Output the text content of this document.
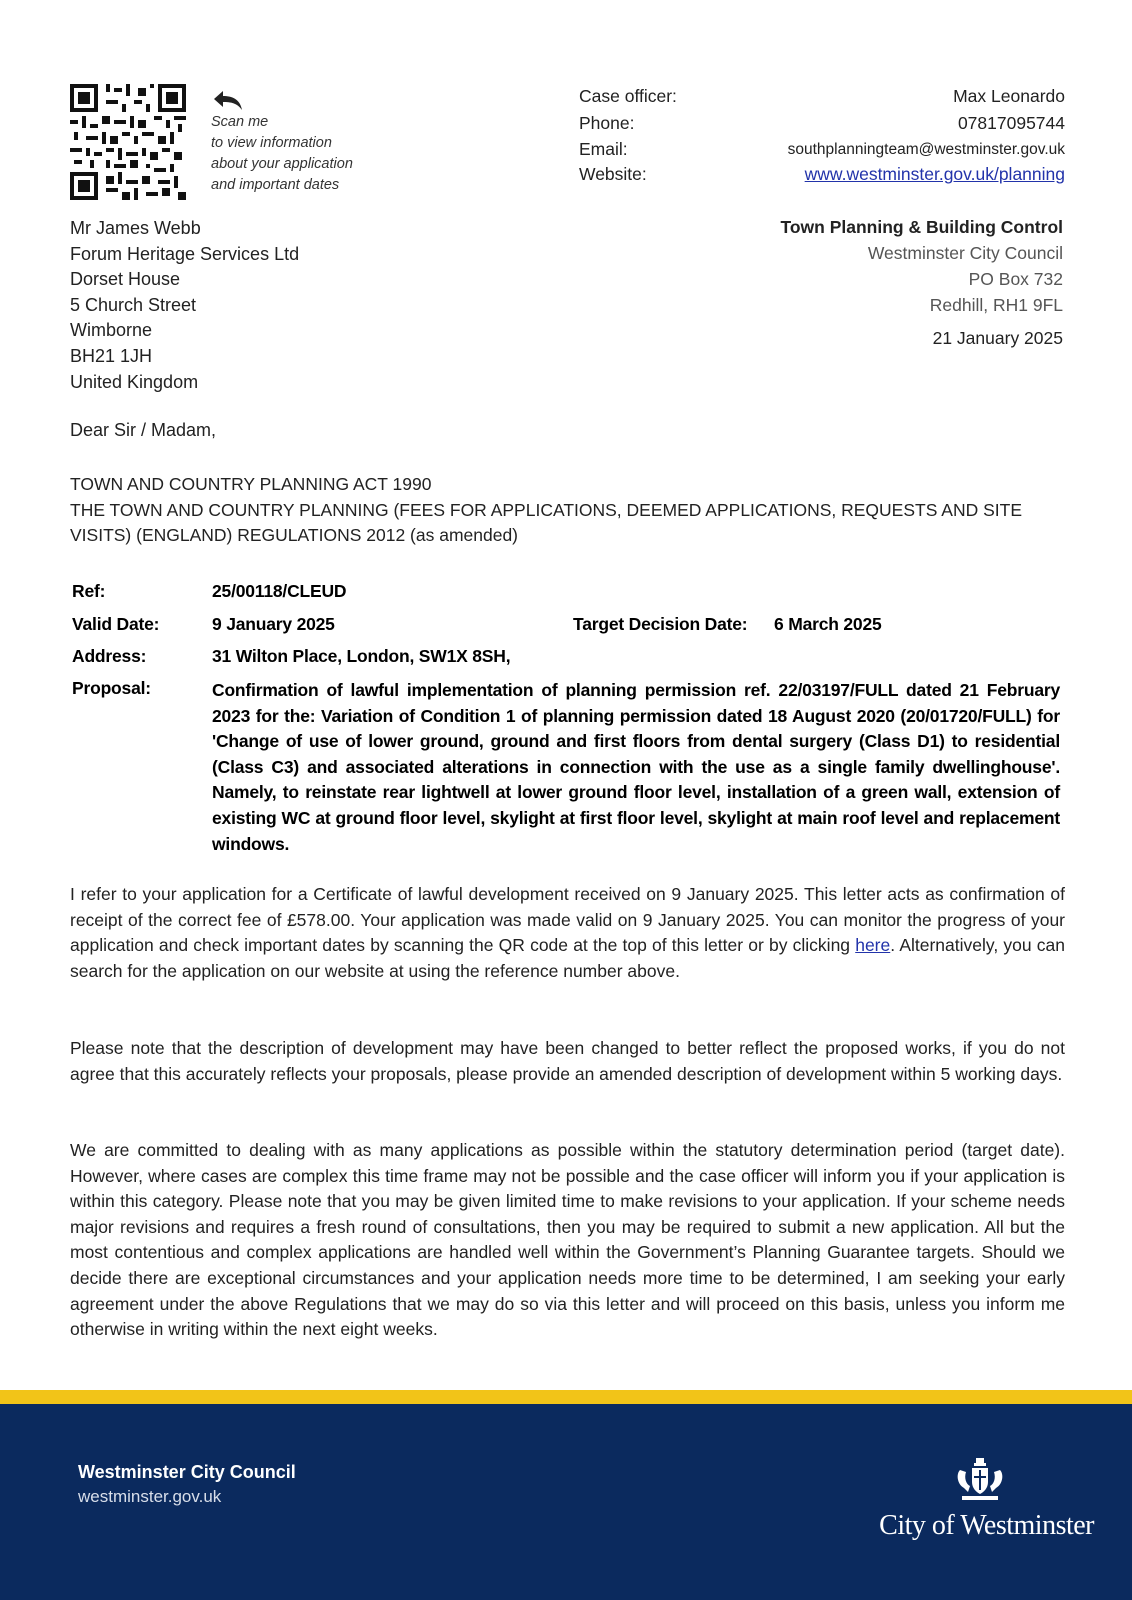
Scan me
to view information
about your application
and important dates
Case officer:	Max Leonardo
Phone:	07817095744
Email:	southplanningteam@westminster.gov.uk
Website:	www.westminster.gov.uk/planning
Town Planning & Building Control
Westminster City Council
PO Box 732
Redhill, RH1 9FL
21 January 2025
Mr James Webb
Forum Heritage Services Ltd
Dorset House
5 Church Street
Wimborne
BH21 1JH
United Kingdom
Dear Sir / Madam,
TOWN AND COUNTRY PLANNING ACT 1990
THE TOWN AND COUNTRY PLANNING (FEES FOR APPLICATIONS, DEEMED APPLICATIONS, REQUESTS AND SITE VISITS) (ENGLAND) REGULATIONS 2012 (as amended)
Ref:	25/00118/CLEUD
Valid Date:	9 January 2025	Target Decision Date: 6 March 2025
Address:	31 Wilton Place, London, SW1X 8SH,
Proposal:	Confirmation of lawful implementation of planning permission ref. 22/03197/FULL dated 21 February 2023 for the: Variation of Condition 1 of planning permission dated 18 August 2020 (20/01720/FULL) for 'Change of use of lower ground, ground and first floors from dental surgery (Class D1) to residential (Class C3) and associated alterations in connection with the use as a single family dwellinghouse'. Namely, to reinstate rear lightwell at lower ground floor level, installation of a green wall, extension of existing WC at ground floor level, skylight at first floor level, skylight at main roof level and replacement windows.
I refer to your application for a Certificate of lawful development received on 9 January 2025. This letter acts as confirmation of receipt of the correct fee of £578.00. Your application was made valid on 9 January 2025. You can monitor the progress of your application and check important dates by scanning the QR code at the top of this letter or by clicking here. Alternatively, you can search for the application on our website at using the reference number above.
Please note that the description of development may have been changed to better reflect the proposed works, if you do not agree that this accurately reflects your proposals, please provide an amended description of development within 5 working days.
We are committed to dealing with as many applications as possible within the statutory determination period (target date). However, where cases are complex this time frame may not be possible and the case officer will inform you if your application is within this category. Please note that you may be given limited time to make revisions to your application. If your scheme needs major revisions and requires a fresh round of consultations, then you may be required to submit a new application. All but the most contentious and complex applications are handled well within the Government’s Planning Guarantee targets. Should we decide there are exceptional circumstances and your application needs more time to be determined, I am seeking your early agreement under the above Regulations that we may do so via this letter and will proceed on this basis, unless you inform me otherwise in writing within the next eight weeks.
Westminster City Council
westminster.gov.uk
City of Westminster
